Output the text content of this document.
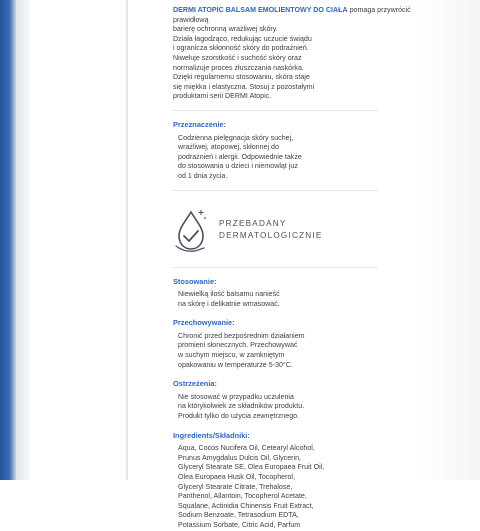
DERMI ATOPIC BALSAM EMOLIENTOWY DO CIAŁA pomaga przywrócić prawidłową
barierę ochronną wrażliwej skóry.
Działa łagodząco, redukując uczucie świądu
i ogranicza skłonność skóry do podrażnień.
Niweluje szorstkość i suchość skóry oraz
normalizuje proces złuszczania naskórka.
Dzięki regularnemu stosowaniu, skóra staje
się miękka i elastyczna. Stosuj z pozostałymi
produktami serii DERMI Atopic.
Przeznaczenie:
Codzienna pielęgnacja skóry suchej,
wrażliwej, atopowej, skłonnej do
podrażnień i alergii. Odpowiednie także
do stosowania u dzieci i niemowląt już
od 1 dnia życia.
PRZEBADANY
DERMATOLOGICZNIE
Stosowanie:
Niewielką ilość balsamu nanieść
na skórę i delikatnie wmasować.
Przechowywanie:
Chronić przed bezpośrednim działaniem
promieni słonecznych. Przechowywać
w suchym miejscu, w zamkniętym
opakowaniu w temperaturze 5-30°C.
Ostrzeżenia:
Nie stosować w przypadku uczulenia
na którykolwiek ze składników produktu.
Produkt tylko do użycia zewnętrznego.
Ingredients/Składniki:
Aqua, Cocos Nucifera Oil, Cetearyl Alcohol,
Prunus Amygdalus Dulcis Oil, Glycerin,
Glyceryl Stearate SE, Olea Europaea Fruit Oil,
Olea Europaea Husk Oil, Tocopherol,
Glyceryl Stearate Citrate, Trehalose,
Panthenol, Allantoin, Tocopherol Acetate,
Squalane, Actinidia Chinensis Fruit Extract,
Sodium Benzoate, Tetrasodium EDTA,
Potassium Sorbate, Citric Acid, Parfum
